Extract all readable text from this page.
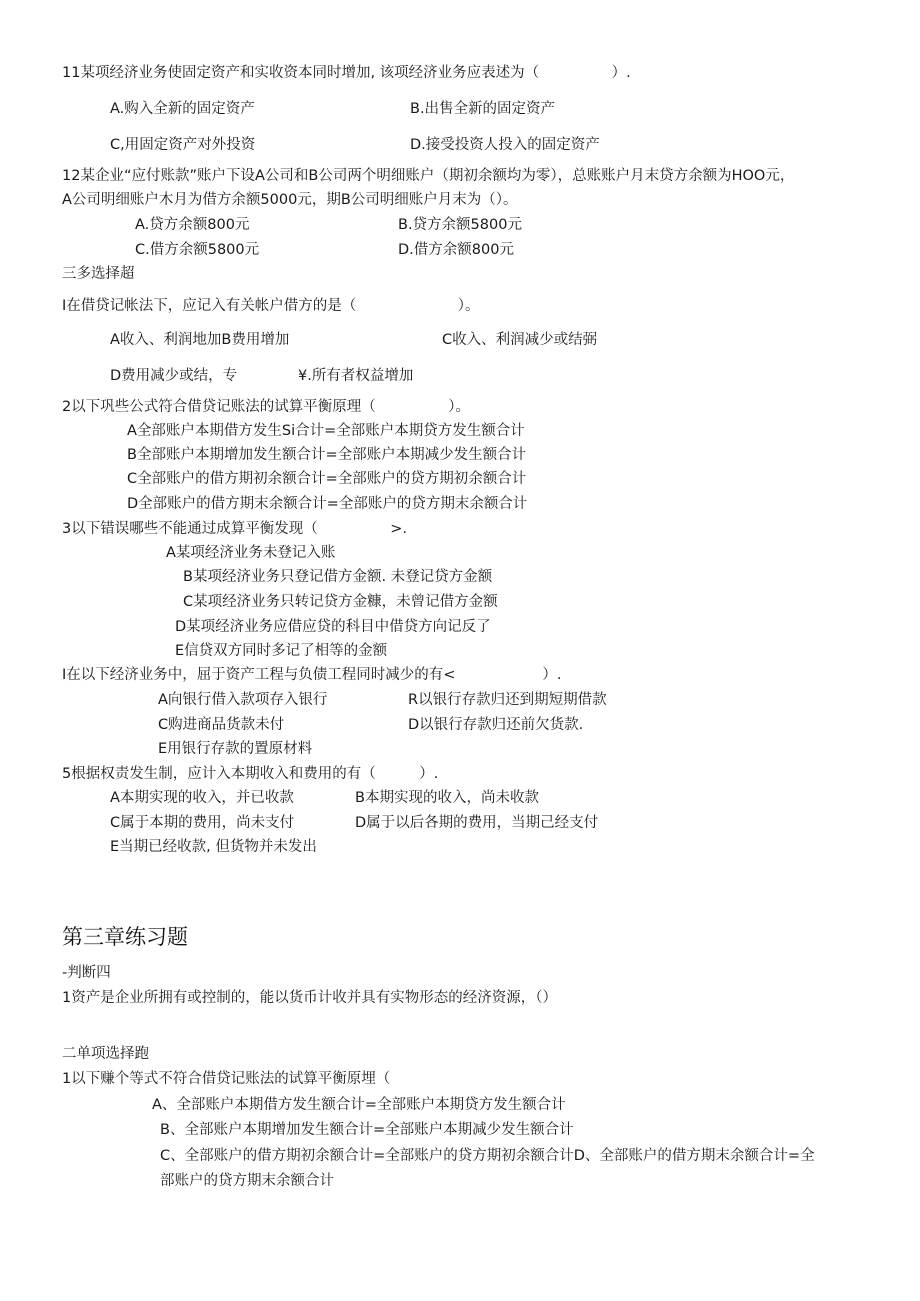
11某项经济业务使固定资产和实收资本同时增加, 该项经济业务应表述为（　　　　　）.
A.购入全新的固定资产	B.出售全新的固定资产
C,用固定资产对外投资	D.接受投资人投入的固定资产
12某企业“应付账款”账户下设A公司和B公司两个明细账户（期初余额均为零），总账账户月末贷方余额为HOO元，
A公司明细账户木月为借方余额5000元，期B公司明细账户月末为（）。
A.贷方余额800元	B.贷方余额5800元
C.借方余额5800元	D.借方余额800元
三多选择超
I在借贷记帐法下，应记入有关帐户借方的是（　　　　　　　）。
A收入、利润地加B费用增加	C收入、利润减少或结弼
D费用减少或结，专	¥.所有者权益增加
2以下巩些公式符合借贷记账法的试算平衡原理（　　　　　）。
A全部账户本期借方发生Si合计=全部账户本期贷方发生额合计
B全部账户本期增加发生额合计=全部账户本期减少发生额合计
C全部账户的借方期初余额合计=全部账户的贷方期初余额合计
D全部账户的借方期末余额合计=全部账户的贷方期末余额合计
3以下错误哪些不能通过成算平衡发现（　　　　　>.
A某项经济业务未登记入账
B某项经济业务只登记借方金额. 未登记贷方金额
C某项经济业务只转记贷方金糠，未曾记借方金额
D某项经济业务应借应贷的科目中借贷方向记反了
E信贷双方同时多记了相等的金额
I在以下经济业务中，屈于资产工程与负债工程同时减少的有<　　　　　　）.
A向银行借入款项存入银行	R以银行存款归还到期短期借款
C购进商品货款未付	D以银行存款归还前欠货款.
E用银行存款的置原材料
5根据权责发生制，应计入本期收入和费用的有（　　　）.
A本期实现的收入，并已收款	B本期实现的收入，尚未收款
C属于本期的费用，尚未支付	D属于以后各期的费用，当期己经支付
E当期已经收款, 但货物并未发出
第三章练习题
-判断四
1资产是企业所拥有或控制的，能以货币计收并具有实物形态的经济资源，（）
二单项选择跑
1以下赚个等式不符合借贷记账法的试算平衡原埋（
A、全部账户本期借方发生额合计=全部账户本期贷方发生额合计
B、全部账户本期增加发生额合计=全部账户本期减少发生额合计
C、全部账户的借方期初余额合计=全部账户的贷方期初余额合计D、全部账户的借方期末余额合计=全
部账户的贷方期末余额合计
